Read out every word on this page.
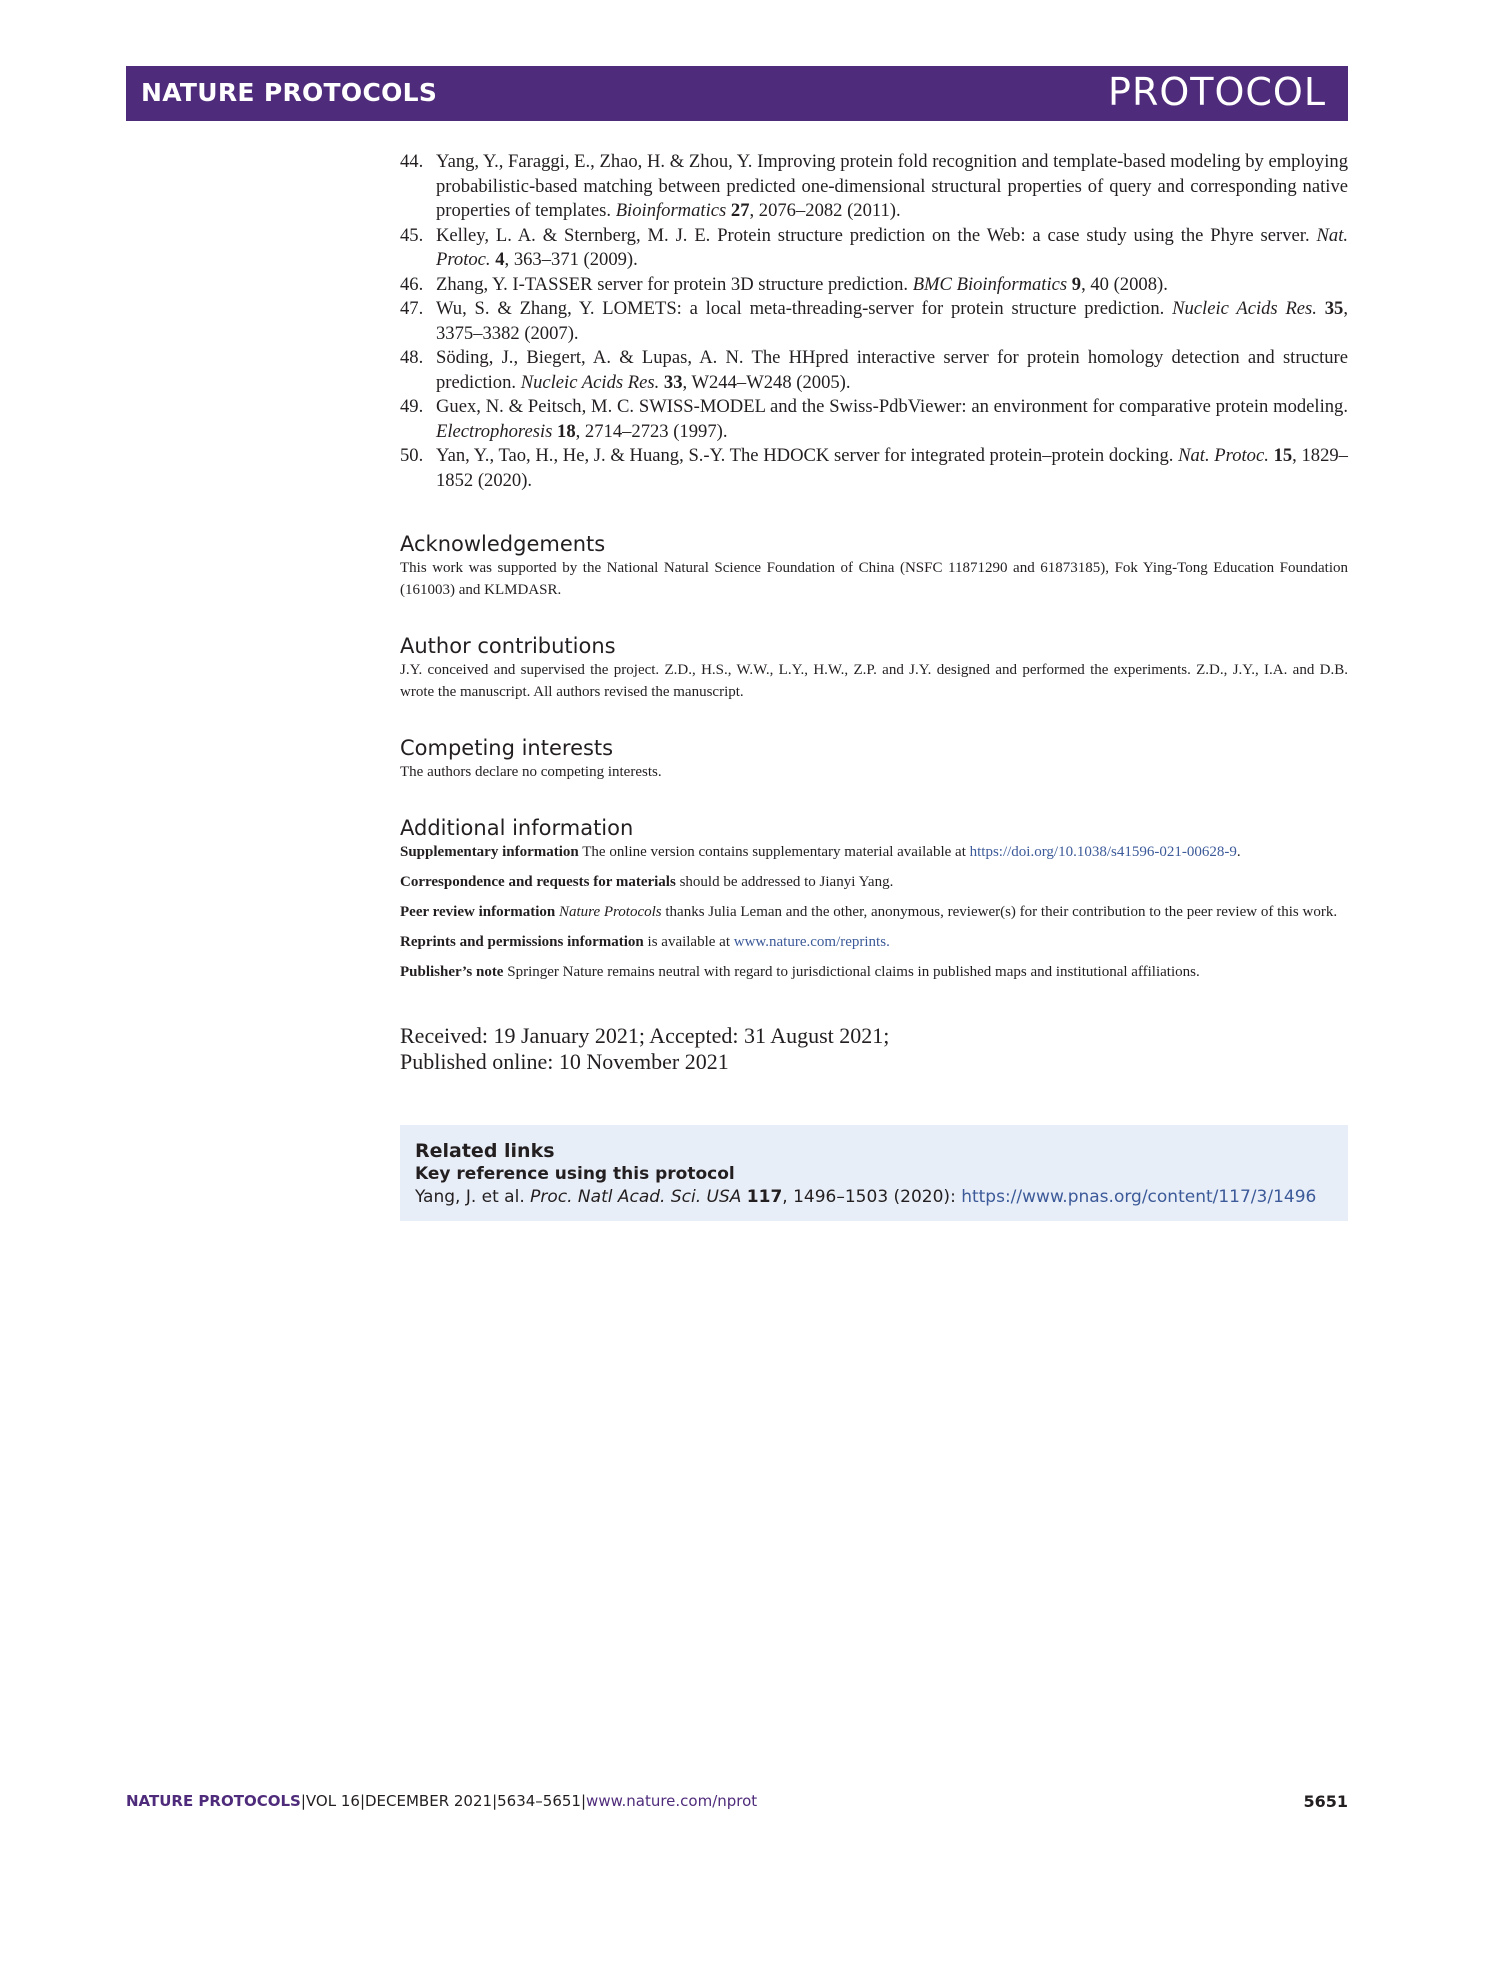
NATURE PROTOCOLS	PROTOCOL
44. Yang, Y., Faraggi, E., Zhao, H. & Zhou, Y. Improving protein fold recognition and template-based modeling by employing probabilistic-based matching between predicted one-dimensional structural properties of query and corresponding native properties of templates. Bioinformatics 27, 2076–2082 (2011).
45. Kelley, L. A. & Sternberg, M. J. E. Protein structure prediction on the Web: a case study using the Phyre server. Nat. Protoc. 4, 363–371 (2009).
46. Zhang, Y. I-TASSER server for protein 3D structure prediction. BMC Bioinformatics 9, 40 (2008).
47. Wu, S. & Zhang, Y. LOMETS: a local meta-threading-server for protein structure prediction. Nucleic Acids Res. 35, 3375–3382 (2007).
48. Söding, J., Biegert, A. & Lupas, A. N. The HHpred interactive server for protein homology detection and structure prediction. Nucleic Acids Res. 33, W244–W248 (2005).
49. Guex, N. & Peitsch, M. C. SWISS-MODEL and the Swiss-PdbViewer: an environment for comparative protein modeling. Electrophoresis 18, 2714–2723 (1997).
50. Yan, Y., Tao, H., He, J. & Huang, S.-Y. The HDOCK server for integrated protein–protein docking. Nat. Protoc. 15, 1829–1852 (2020).
Acknowledgements

This work was supported by the National Natural Science Foundation of China (NSFC 11871290 and 61873185), Fok Ying-Tong Education Foundation (161003) and KLMDASR.

Author contributions

J.Y. conceived and supervised the project. Z.D., H.S., W.W., L.Y., H.W., Z.P. and J.Y. designed and performed the experiments. Z.D., J.Y., I.A. and D.B. wrote the manuscript. All authors revised the manuscript.

Competing interests

The authors declare no competing interests.

Additional information

Supplementary information The online version contains supplementary material available at https://doi.org/10.1038/s41596-021-00628-9.

Correspondence and requests for materials should be addressed to Jianyi Yang.

Peer review information Nature Protocols thanks Julia Leman and the other, anonymous, reviewer(s) for their contribution to the peer review of this work.

Reprints and permissions information is available at www.nature.com/reprints.

Publisher’s note Springer Nature remains neutral with regard to jurisdictional claims in published maps and institutional affiliations.

Received: 19 January 2021; Accepted: 31 August 2021;
Published online: 10 November 2021
Related links
Key reference using this protocol
Yang, J. et al. Proc. Natl Acad. Sci. USA 117, 1496–1503 (2020): https://www.pnas.org/content/117/3/1496
NATURE PROTOCOLS|VOL 16|DECEMBER 2021|5634–5651|www.nature.com/nprot	5651
